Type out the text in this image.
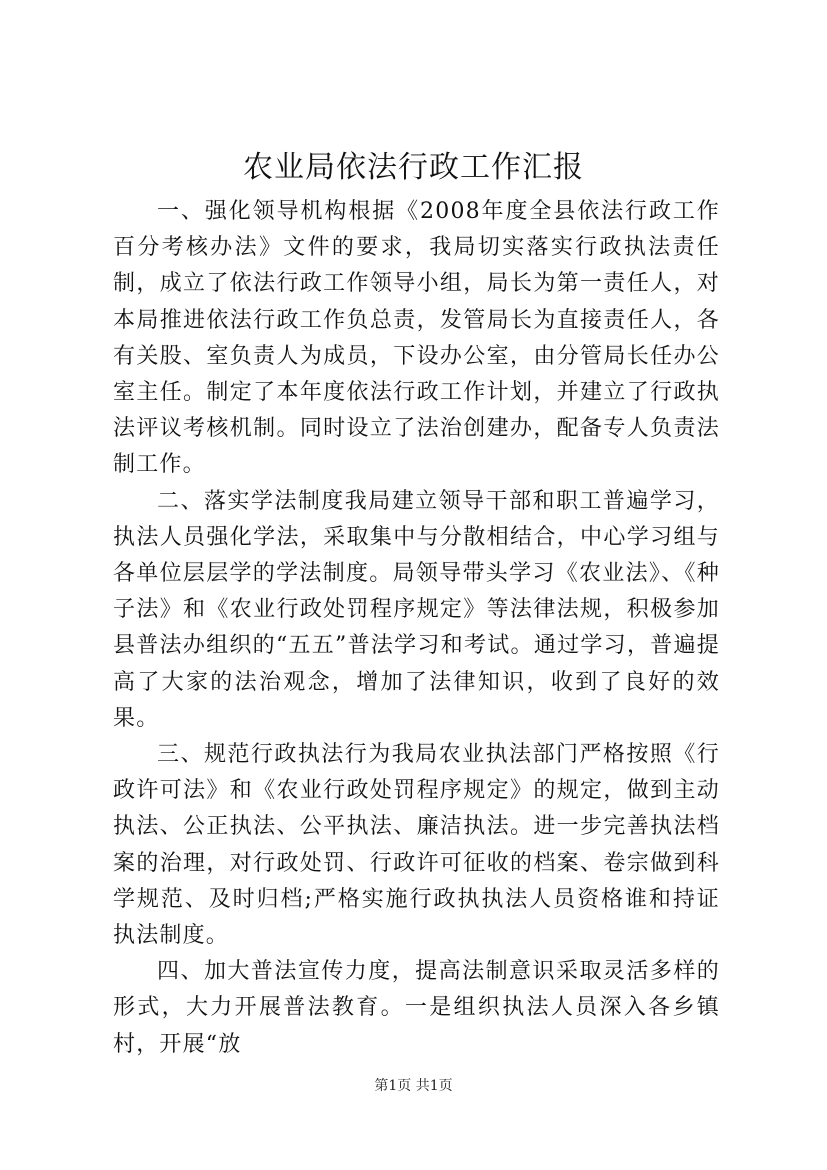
农业局依法行政工作汇报

一、强化领导机构根据《2008年度全县依法行政工作百分考核办法》文件的要求，我局切实落实行政执法责任制，成立了依法行政工作领导小组，局长为第一责任人，对本局推进依法行政工作负总责，发管局长为直接责任人，各有关股、室负责人为成员，下设办公室，由分管局长任办公室主任。制定了本年度依法行政工作计划，并建立了行政执法评议考核机制。同时设立了法治创建办，配备专人负责法制工作。

二、落实学法制度我局建立领导干部和职工普遍学习，执法人员强化学法，采取集中与分散相结合，中心学习组与各单位层层学的学法制度。局领导带头学习《农业法》、《种子法》和《农业行政处罚程序规定》等法律法规，积极参加县普法办组织的“五五”普法学习和考试。通过学习，普遍提高了大家的法治观念，增加了法律知识，收到了良好的效果。

三、规范行政执法行为我局农业执法部门严格按照《行政许可法》和《农业行政处罚程序规定》的规定，做到主动执法、公正执法、公平执法、廉洁执法。进一步完善执法档案的治理，对行政处罚、行政许可征收的档案、卷宗做到科学规范、及时归档;严格实施行政执执法人员资格谁和持证执法制度。

四、加大普法宣传力度，提高法制意识采取灵活多样的形式，大力开展普法教育。一是组织执法人员深入各乡镇村，开展“放

第1页 共1页
